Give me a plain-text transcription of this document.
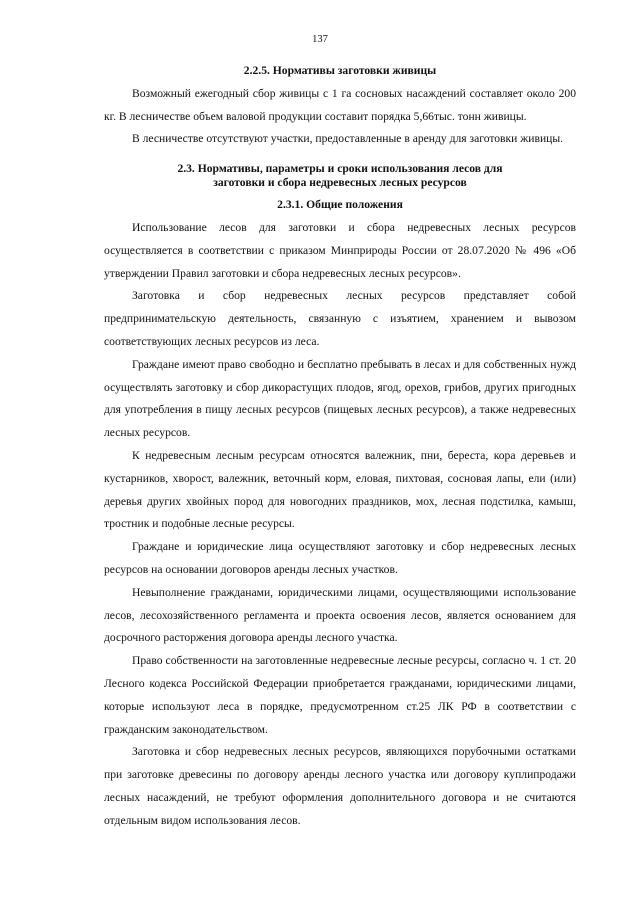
137
2.2.5. Нормативы заготовки живицы

Возможный ежегодный сбор живицы с 1 га сосновых насаждений составляет около 200 кг. В лесничестве объем валовой продукции составит порядка 5,66тыс. тонн живицы.

В лесничестве отсутствуют участки, предоставленные в аренду для заготовки живицы.

2.3. Нормативы, параметры и сроки использования лесов для
заготовки и сбора недревесных лесных ресурсов
2.3.1. Общие положения

Использование лесов для заготовки и сбора недревесных лесных ресурсов осуществляется в соответствии с приказом Минприроды России от 28.07.2020 № 496 «Об утверждении Правил заготовки и сбора недревесных лесных ресурсов».

Заготовка и сбор недревесных лесных ресурсов представляет собой предпринимательскую деятельность, связанную с изъятием, хранением и вывозом соответствующих лесных ресурсов из леса.

Граждане имеют право свободно и бесплатно пребывать в лесах и для собственных нужд осуществлять заготовку и сбор дикорастущих плодов, ягод, орехов, грибов, других пригодных для употребления в пищу лесных ресурсов (пищевых лесных ресурсов), а также недревесных лесных ресурсов.

К недревесным лесным ресурсам относятся валежник, пни, береста, кора деревьев и кустарников, хворост, валежник, веточный корм, еловая, пихтовая, сосновая лапы, ели (или) деревья других хвойных пород для новогодних праздников, мох, лесная подстилка, камыш, тростник и подобные лесные ресурсы.

Граждане и юридические лица осуществляют заготовку и сбор недревесных лесных ресурсов на основании договоров аренды лесных участков.

Невыполнение гражданами, юридическими лицами, осуществляющими использование лесов, лесохозяйственного регламента и проекта освоения лесов, является основанием для досрочного расторжения договора аренды лесного участка.

Право собственности на заготовленные недревесные лесные ресурсы, согласно ч. 1 ст. 20 Лесного кодекса Российской Федерации приобретается гражданами, юридическими лицами, которые используют леса в порядке, предусмотренном ст.25 ЛК РФ в соответствии с гражданским законодательством.

Заготовка и сбор недревесных лесных ресурсов, являющихся порубочными остатками при заготовке древесины по договору аренды лесного участка или договору куплипродажи лесных насаждений, не требуют оформления дополнительного договора и не считаются отдельным видом использования лесов.
